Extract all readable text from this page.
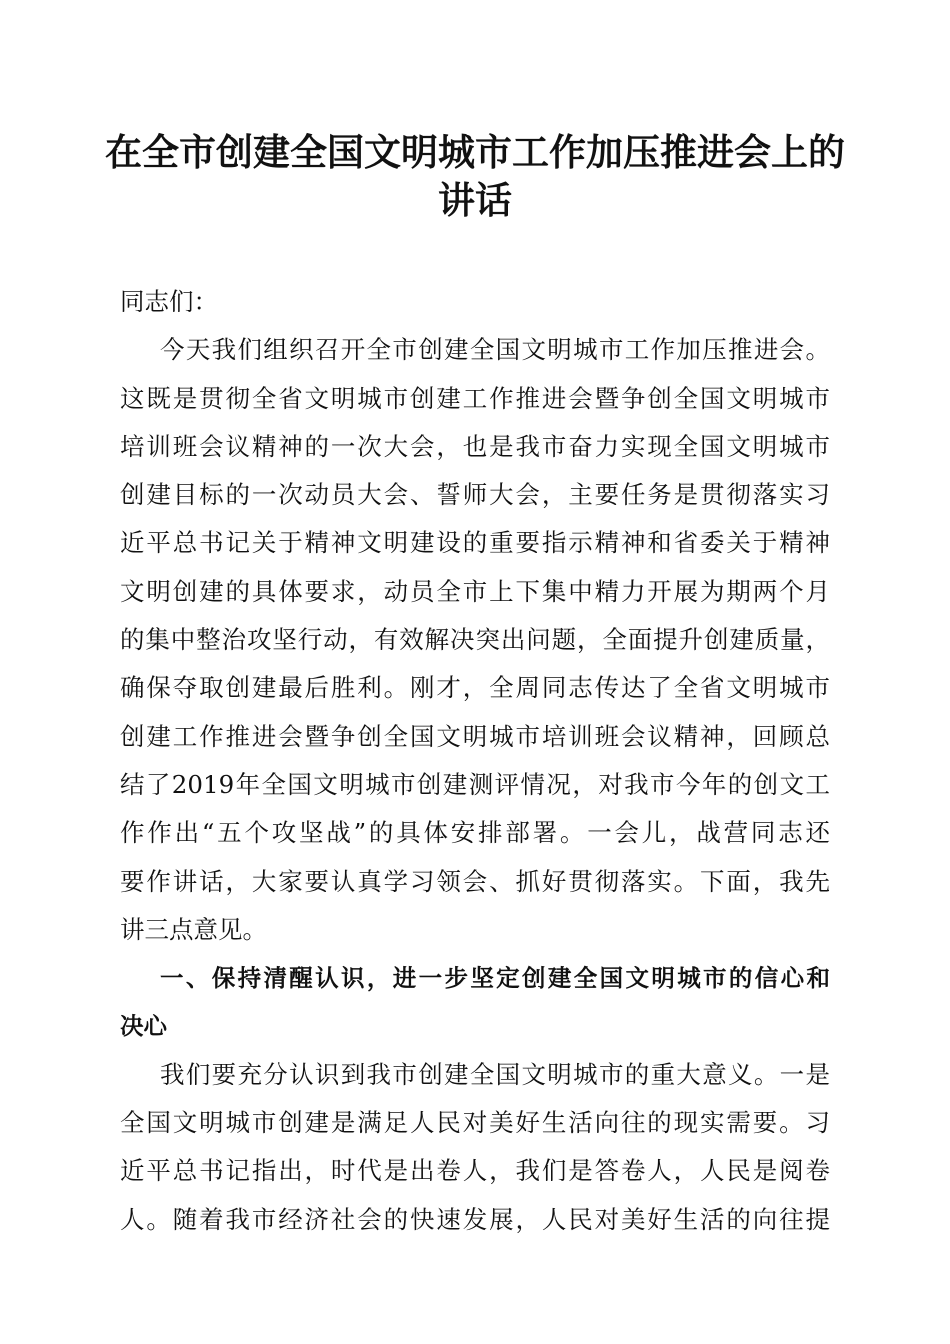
在全市创建全国文明城市工作加压推进会上的
讲话
同志们：
今天我们组织召开全市创建全国文明城市工作加压推进会。
这既是贯彻全省文明城市创建工作推进会暨争创全国文明城市
培训班会议精神的一次大会，也是我市奋力实现全国文明城市
创建目标的一次动员大会、誓师大会，主要任务是贯彻落实习
近平总书记关于精神文明建设的重要指示精神和省委关于精神
文明创建的具体要求，动员全市上下集中精力开展为期两个月
的集中整治攻坚行动，有效解决突出问题，全面提升创建质量，
确保夺取创建最后胜利。刚才，全周同志传达了全省文明城市
创建工作推进会暨争创全国文明城市培训班会议精神，回顾总
结了2019年全国文明城市创建测评情况，对我市今年的创文工
作作出“五个攻坚战”的具体安排部署。一会儿，战营同志还
要作讲话，大家要认真学习领会、抓好贯彻落实。下面，我先
讲三点意见。
一、保持清醒认识，进一步坚定创建全国文明城市的信心和
决心
我们要充分认识到我市创建全国文明城市的重大意义。一是
全国文明城市创建是满足人民对美好生活向往的现实需要。习
近平总书记指出，时代是出卷人，我们是答卷人，人民是阅卷
人。随着我市经济社会的快速发展，人民对美好生活的向往提
